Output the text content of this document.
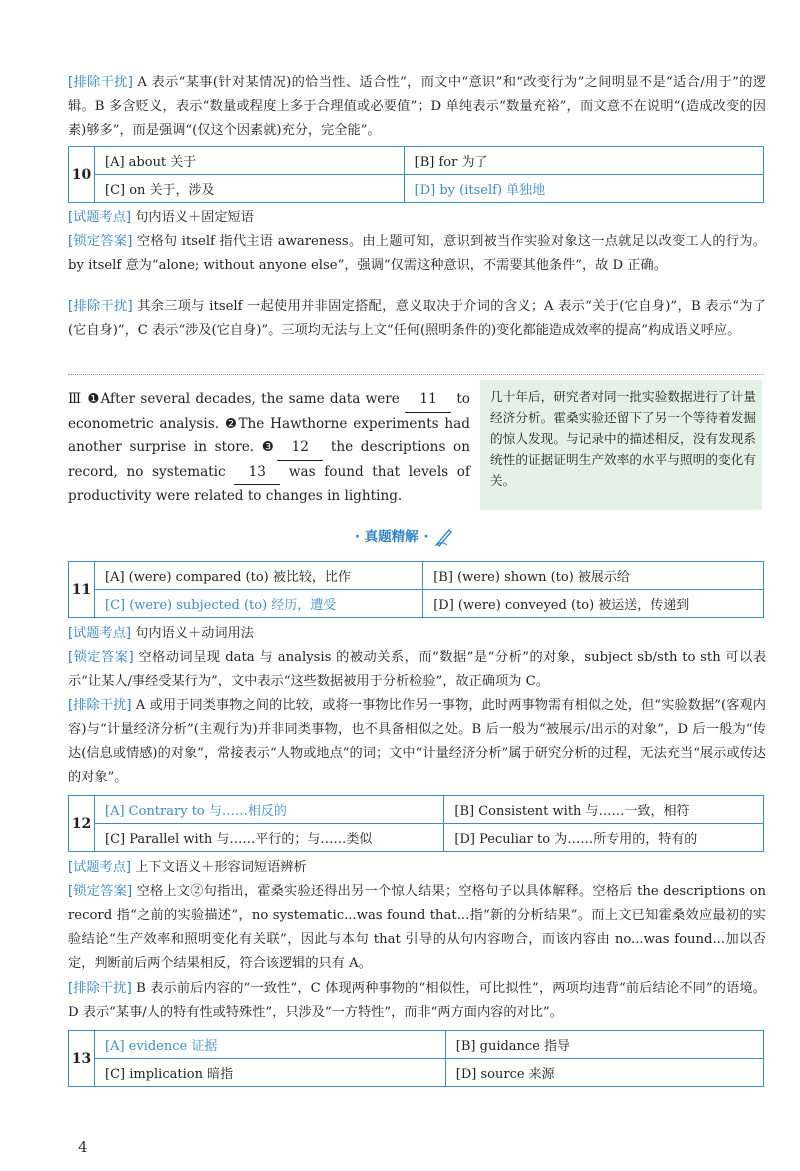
[排除干扰] A 表示“某事(针对某情况)的恰当性、适合性”，而文中“意识”和“改变行为”之间明显不是“适合/用于”的逻辑。B 多含贬义，表示“数量或程度上多于合理值或必要值”；D 单纯表示“数量充裕”，而文意不在说明“(造成改变的因素)够多”，而是强调“(仅这个因素就)充分，完全能”。
10	[A] about 关于	[B] for 为了
	[C] on 关于，涉及	[D] by (itself) 单独地
[试题考点] 句内语义＋固定短语
[锁定答案] 空格句 itself 指代主语 awareness。由上题可知，意识到被当作实验对象这一点就足以改变工人的行为。by itself 意为“alone; without anyone else”，强调“仅需这种意识，不需要其他条件”，故 D 正确。
[排除干扰] 其余三项与 itself 一起使用并非固定搭配，意义取决于介词的含义；A 表示“关于(它自身)”，B 表示“为了(它自身)”，C 表示“涉及(它自身)”。三项均无法与上文“任何(照明条件的)变化都能造成效率的提高”构成语义呼应。
Ⅲ ❶After several decades, the same data were 11 to econometric analysis. ❷The Hawthorne experiments had another surprise in store. ❸ 12 the descriptions on record, no systematic 13 was found that levels of productivity were related to changes in lighting.
几十年后，研究者对同一批实验数据进行了计量经济分析。霍桑实验还留下了另一个等待着发掘的惊人发现。与记录中的描述相反，没有发现系统性的证据证明生产效率的水平与照明的变化有关。
· 真题精解 ·
11	[A] (were) compared (to) 被比较，比作	[B] (were) shown (to) 被展示给
	[C] (were) subjected (to) 经历，遭受	[D] (were) conveyed (to) 被运送，传递到
[试题考点] 句内语义＋动词用法
[锁定答案] 空格动词呈现 data 与 analysis 的被动关系，而“数据”是“分析”的对象，subject sb/sth to sth 可以表示“让某人/事经受某行为”，文中表示“这些数据被用于分析检验”，故正确项为 C。
[排除干扰] A 或用于同类事物之间的比较，或将一事物比作另一事物，此时两事物需有相似之处，但“实验数据”(客观内容)与“计量经济分析”(主观行为)并非同类事物，也不具备相似之处。B 后一般为“被展示/出示的对象”，D 后一般为“传达(信息或情感)的对象”，常接表示“人物或地点”的词；文中“计量经济分析”属于研究分析的过程，无法充当“展示或传达的对象”。
12	[A] Contrary to 与……相反的	[B] Consistent with 与……一致，相符
	[C] Parallel with 与……平行的；与……类似	[D] Peculiar to 为……所专用的，特有的
[试题考点] 上下文语义＋形容词短语辨析
[锁定答案] 空格上文②句指出，霍桑实验还得出另一个惊人结果；空格句子以具体解释。空格后 the descriptions on record 指“之前的实验描述”，no systematic...was found that...指“新的分析结果”。而上文已知霍桑效应最初的实验结论“生产效率和照明变化有关联”，因此与本句 that 引导的从句内容吻合，而该内容由 no...was found...加以否定，判断前后两个结果相反，符合该逻辑的只有 A。
[排除干扰] B 表示前后内容的“一致性”，C 体现两种事物的“相似性，可比拟性”，两项均违背“前后结论不同”的语境。D 表示“某事/人的特有性或特殊性”，只涉及“一方特性”，而非“两方面内容的对比”。
13	[A] evidence 证据	[B] guidance 指导
	[C] implication 暗指	[D] source 来源
4
